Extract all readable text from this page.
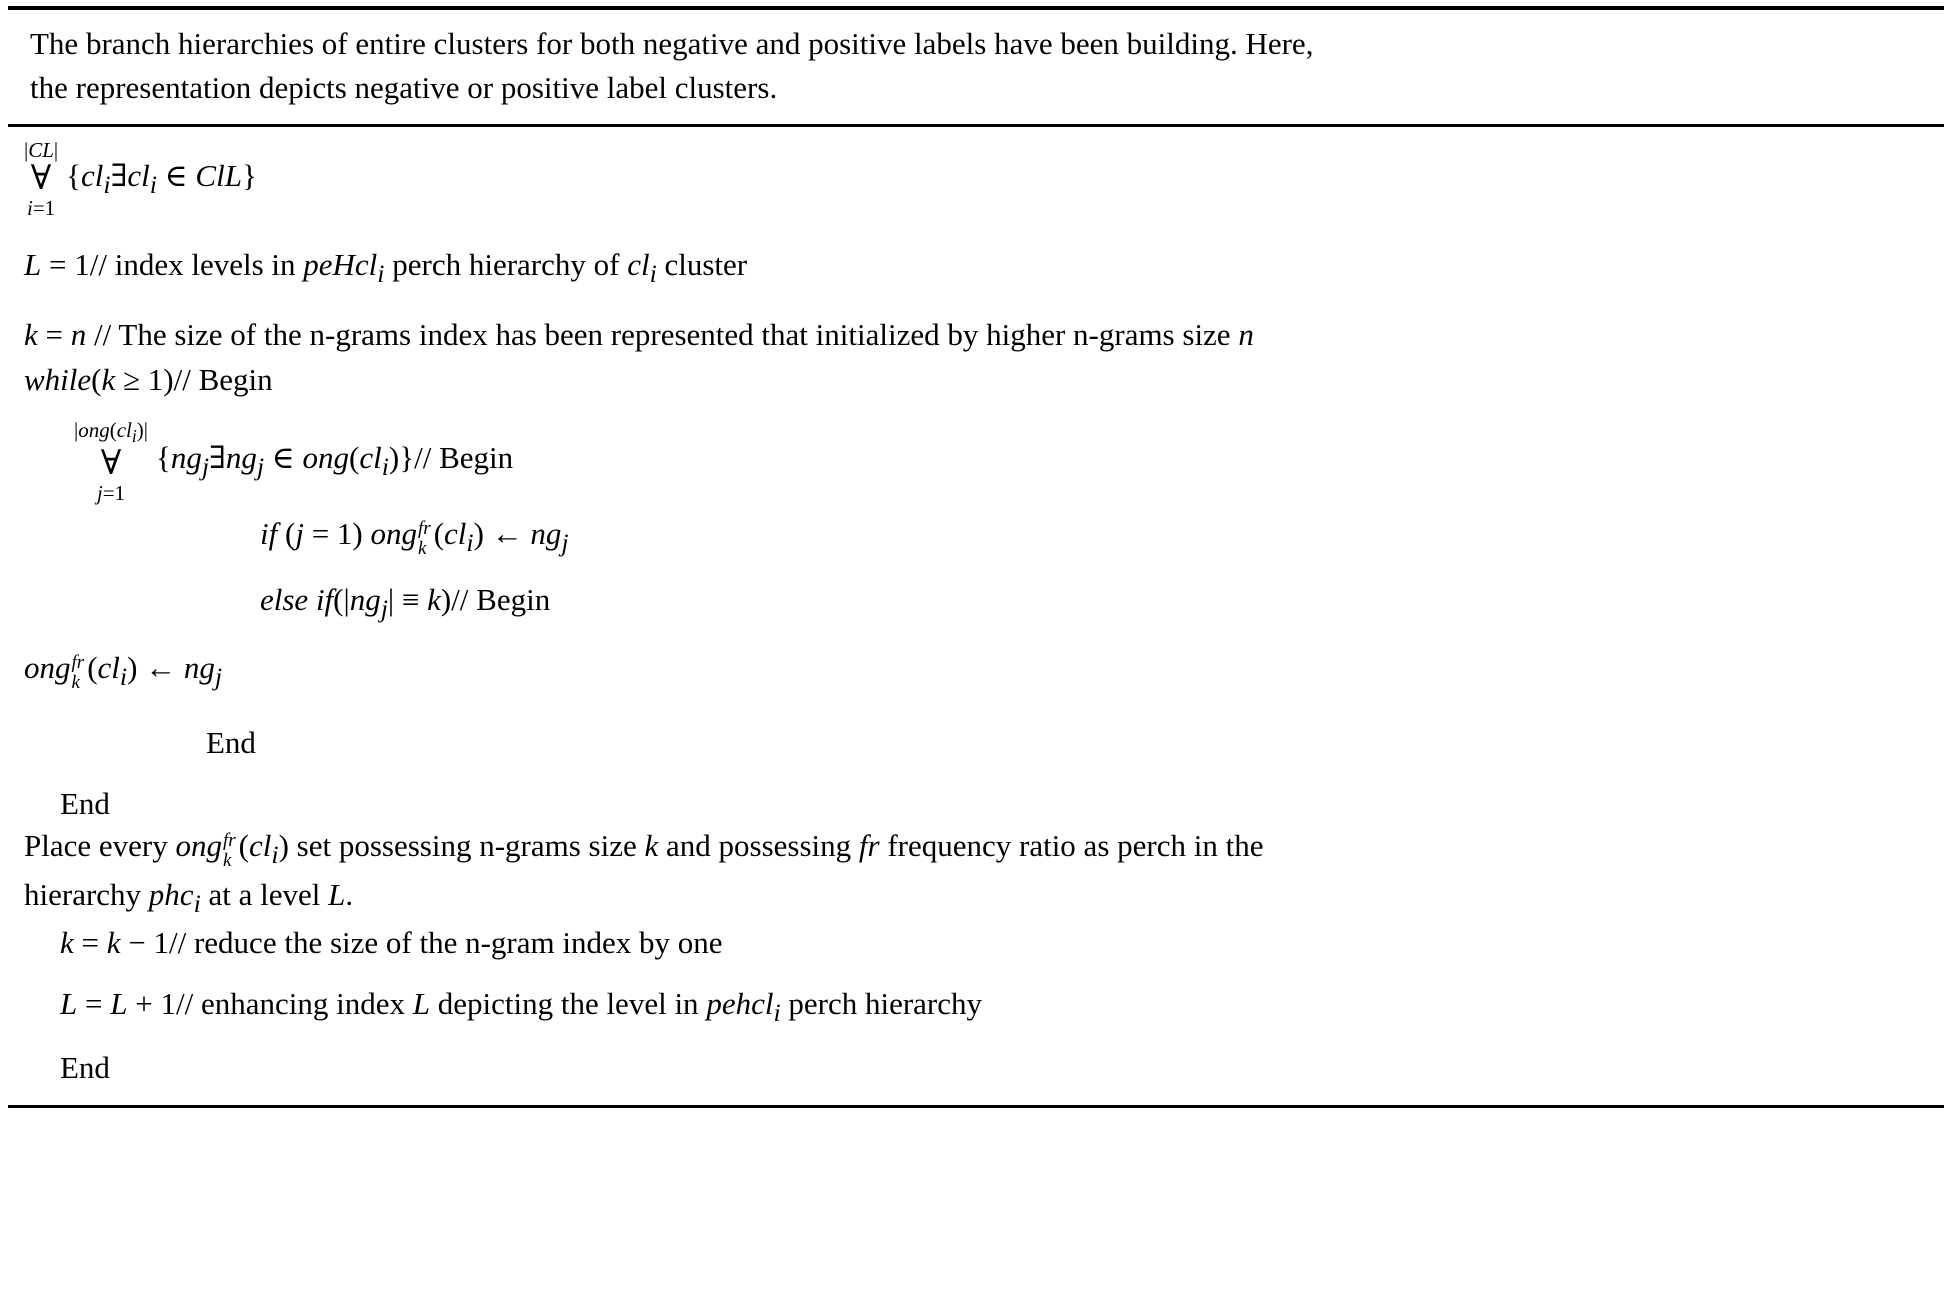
The branch hierarchies of entire clusters for both negative and positive labels have been building. Here,
the representation depicts negative or positive label clusters.

|CL|
∀
i=1
{$cl_i\exists cl_i$ ∈ ClL}
L = 1// index levels in peHcl$_i$ perch hierarchy of $cl_i$ cluster
k = n // The size of the n-grams index has been represented that initialized by higher n-grams size n
while(k ≥ 1)// Begin
$|ong(cl_i)|$
∀
j=1
{$ng_j\exists ng_j$ ∈ $ong(cl_i)\}//$ Begin
if (j = 1) ong fr
k $(cl_i)$ ← $ng_j$
else $if(|ng_j| \equiv k)//$ Begin
ong fr
k $(cl_i)$ ← $ng_j$
End
End
Place every ong fr
k $(cl_i)$ set possessing n-grams size k and possessing fr frequency ratio as perch in the
hierarchy phc$_i$ at a level L.
k = k − 1// reduce the size of the n-gram index by one
L = L + 1// enhancing index L depicting the level in pehcl$_i$ perch hierarchy
End
